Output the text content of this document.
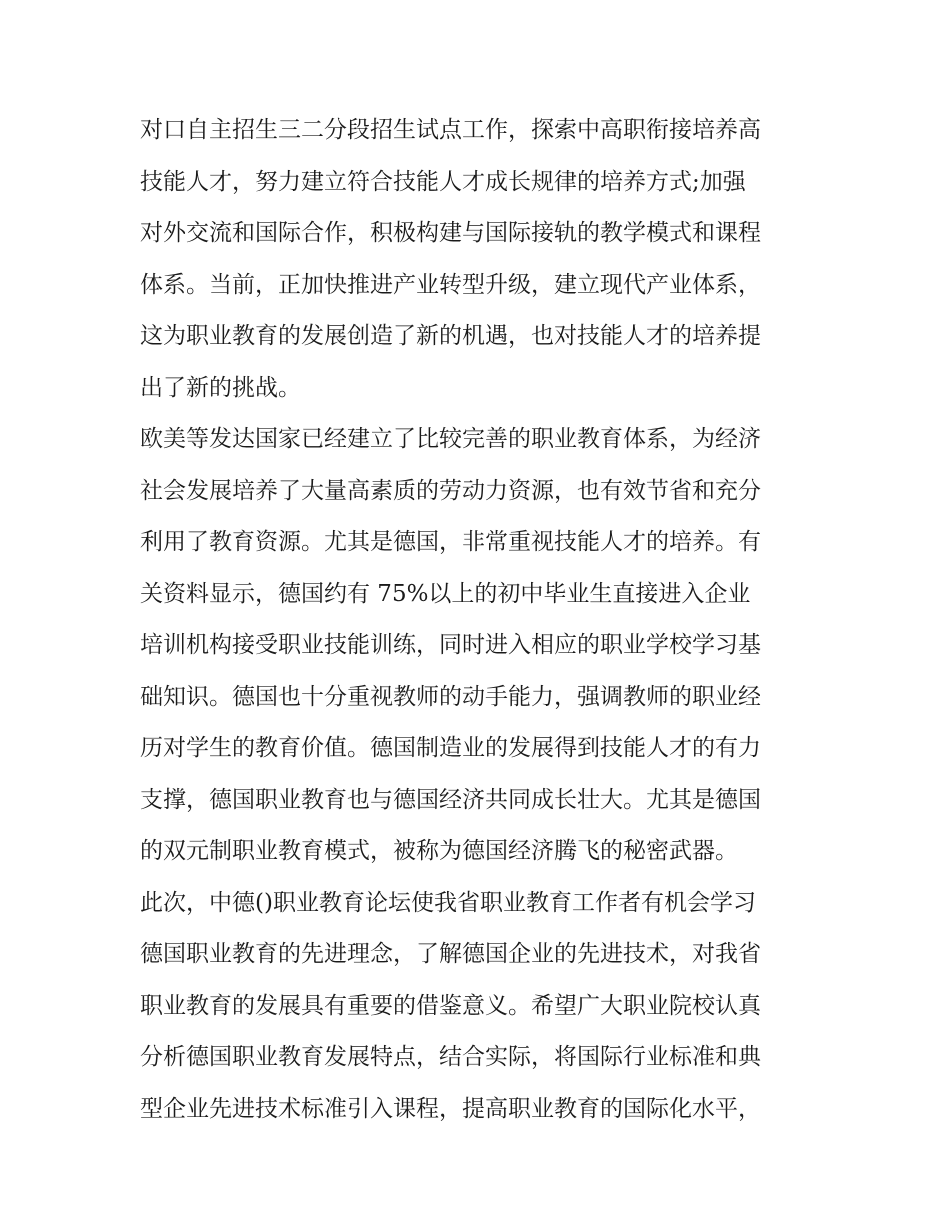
对口自主招生三二分段招生试点工作，探索中高职衔接培养高
技能人才，努力建立符合技能人才成长规律的培养方式;加强
对外交流和国际合作，积极构建与国际接轨的教学模式和课程
体系。当前，正加快推进产业转型升级，建立现代产业体系，
这为职业教育的发展创造了新的机遇，也对技能人才的培养提
出了新的挑战。
欧美等发达国家已经建立了比较完善的职业教育体系，为经济
社会发展培养了大量高素质的劳动力资源，也有效节省和充分
利用了教育资源。尤其是德国，非常重视技能人才的培养。有
关资料显示，德国约有 75%以上的初中毕业生直接进入企业
培训机构接受职业技能训练，同时进入相应的职业学校学习基
础知识。德国也十分重视教师的动手能力，强调教师的职业经
历对学生的教育价值。德国制造业的发展得到技能人才的有力
支撑，德国职业教育也与德国经济共同成长壮大。尤其是德国
的双元制职业教育模式，被称为德国经济腾飞的秘密武器。
此次，中德()职业教育论坛使我省职业教育工作者有机会学习
德国职业教育的先进理念，了解德国企业的先进技术，对我省
职业教育的发展具有重要的借鉴意义。希望广大职业院校认真
分析德国职业教育发展特点，结合实际，将国际行业标准和典
型企业先进技术标准引入课程，提高职业教育的国际化水平，
